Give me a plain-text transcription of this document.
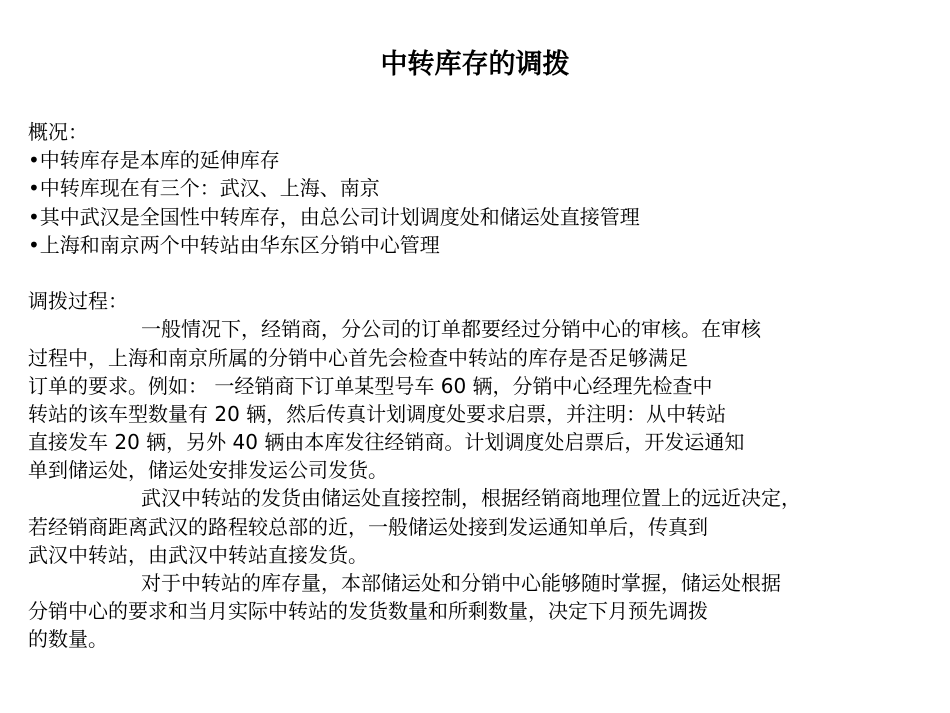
中转库存的调拨
概况：
•中转库存是本库的延伸库存
•中转库现在有三个：武汉、上海、南京
•其中武汉是全国性中转库存，由总公司计划调度处和储运处直接管理
•上海和南京两个中转站由华东区分销中心管理
调拨过程：
一般情况下，经销商，分公司的订单都要经过分销中心的审核。在审核
过程中，上海和南京所属的分销中心首先会检查中转站的库存是否足够满足
订单的要求。例如： 一经销商下订单某型号车 60 辆，分销中心经理先检查中
转站的该车型数量有 20 辆，然后传真计划调度处要求启票，并注明：从中转站
直接发车 20 辆，另外 40 辆由本库发往经销商。计划调度处启票后，开发运通知
单到储运处，储运处安排发运公司发货。
武汉中转站的发货由储运处直接控制，根据经销商地理位置上的远近决定，
若经销商距离武汉的路程较总部的近，一般储运处接到发运通知单后，传真到
武汉中转站，由武汉中转站直接发货。
对于中转站的库存量，本部储运处和分销中心能够随时掌握，储运处根据
分销中心的要求和当月实际中转站的发货数量和所剩数量，决定下月预先调拨
的数量。
